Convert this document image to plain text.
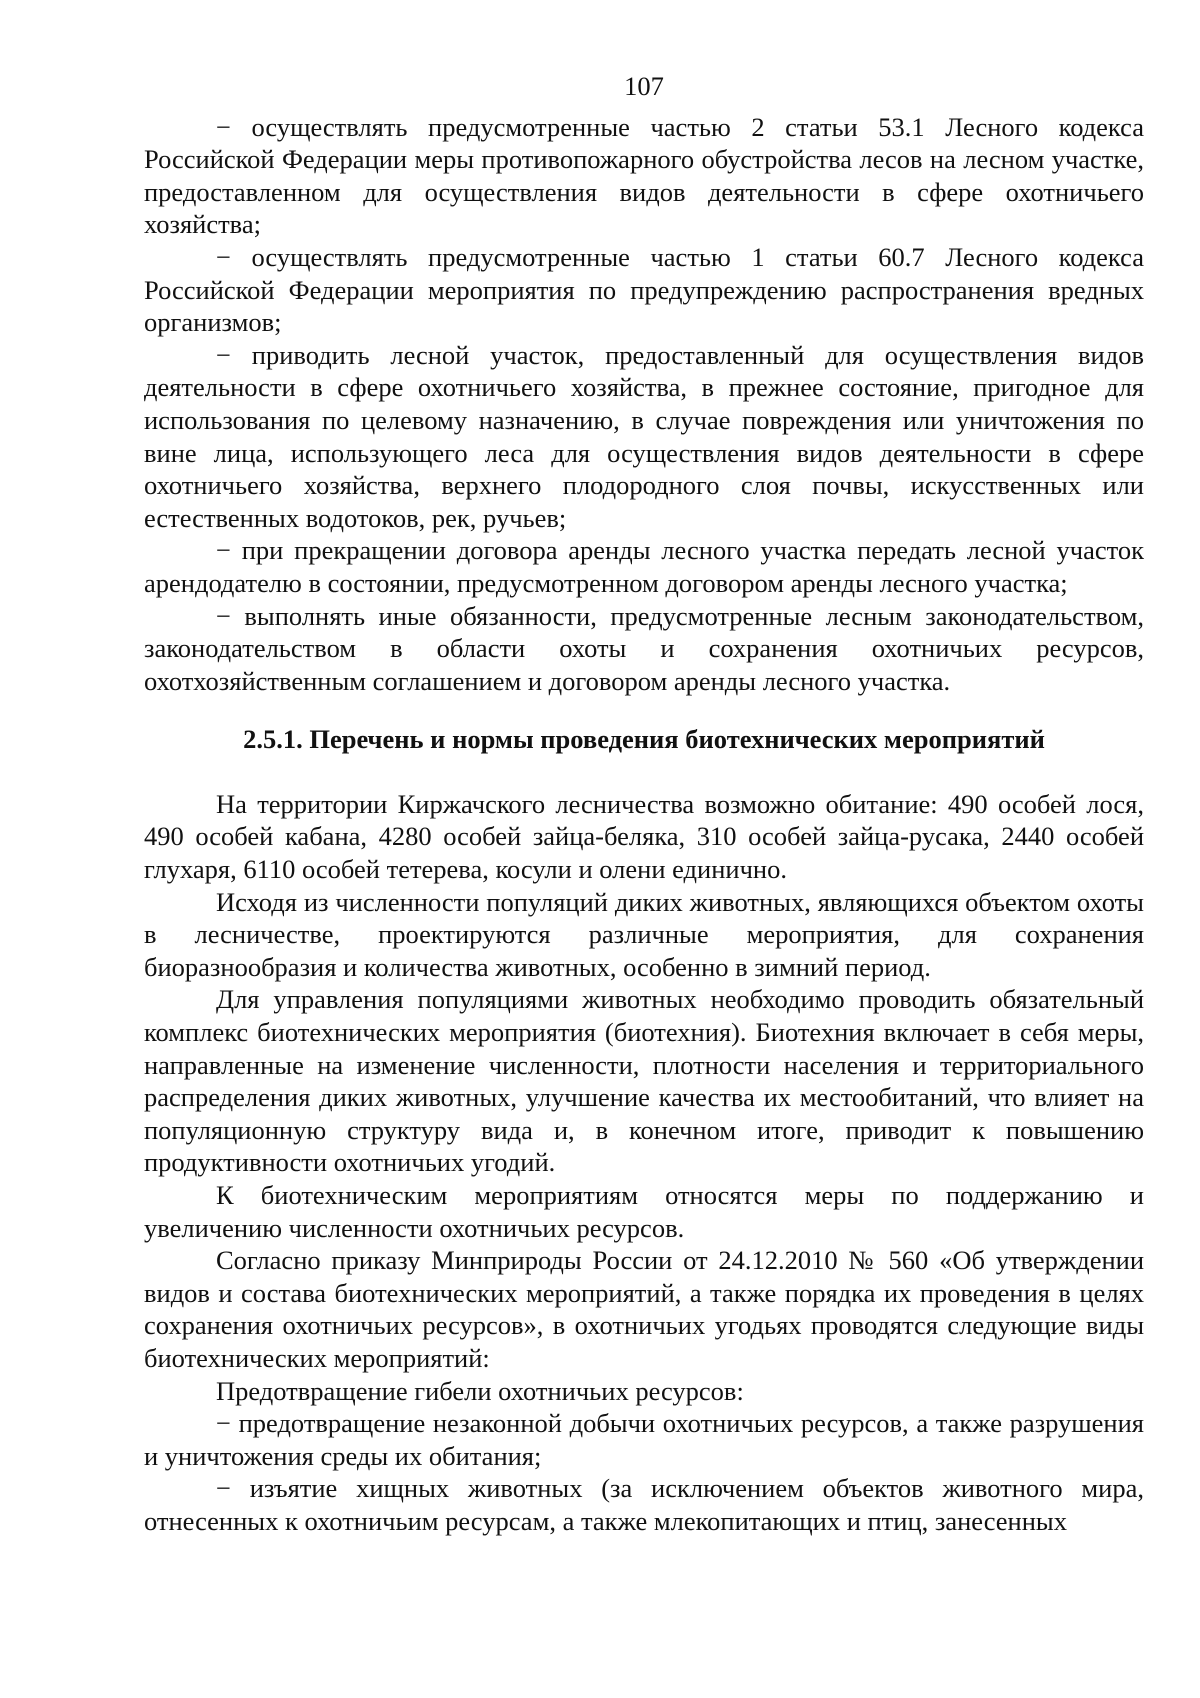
107

− осуществлять предусмотренные частью 2 статьи 53.1 Лесного кодекса Российской Федерации меры противопожарного обустройства лесов на лесном участке, предоставленном для осуществления видов деятельности в сфере охотничьего хозяйства;

− осуществлять предусмотренные частью 1 статьи 60.7 Лесного кодекса Российской Федерации мероприятия по предупреждению распространения вредных организмов;

− приводить лесной участок, предоставленный для осуществления видов деятельности в сфере охотничьего хозяйства, в прежнее состояние, пригодное для использования по целевому назначению, в случае повреждения или уничтожения по вине лица, использующего леса для осуществления видов деятельности в сфере охотничьего хозяйства, верхнего плодородного слоя почвы, искусственных или естественных водотоков, рек, ручьев;

− при прекращении договора аренды лесного участка передать лесной участок арендодателю в состоянии, предусмотренном договором аренды лесного участка;

− выполнять иные обязанности, предусмотренные лесным законодательством, законодательством в области охоты и сохранения охотничьих ресурсов, охотхозяйственным соглашением и договором аренды лесного участка.

2.5.1. Перечень и нормы проведения биотехнических мероприятий

На территории Киржачского лесничества возможно обитание: 490 особей лося, 490 особей кабана, 4280 особей зайца-беляка, 310 особей зайца-русака, 2440 особей глухаря, 6110 особей тетерева, косули и олени единично.

Исходя из численности популяций диких животных, являющихся объектом охоты в лесничестве, проектируются различные мероприятия, для сохранения биоразнообразия и количества животных, особенно в зимний период.

Для управления популяциями животных необходимо проводить обязательный комплекс биотехнических мероприятия (биотехния). Биотехния включает в себя меры, направленные на изменение численности, плотности населения и территориального распределения диких животных, улучшение качества их местообитаний, что влияет на популяционную структуру вида и, в конечном итоге, приводит к повышению продуктивности охотничьих угодий.

К биотехническим мероприятиям относятся меры по поддержанию и увеличению численности охотничьих ресурсов.

Согласно приказу Минприроды России от 24.12.2010 № 560 «Об утверждении видов и состава биотехнических мероприятий, а также порядка их проведения в целях сохранения охотничьих ресурсов», в охотничьих угодьях проводятся следующие виды биотехнических мероприятий:

Предотвращение гибели охотничьих ресурсов:

− предотвращение незаконной добычи охотничьих ресурсов, а также разрушения и уничтожения среды их обитания;

− изъятие хищных животных (за исключением объектов животного мира, отнесенных к охотничьим ресурсам, а также млекопитающих и птиц, занесенных
